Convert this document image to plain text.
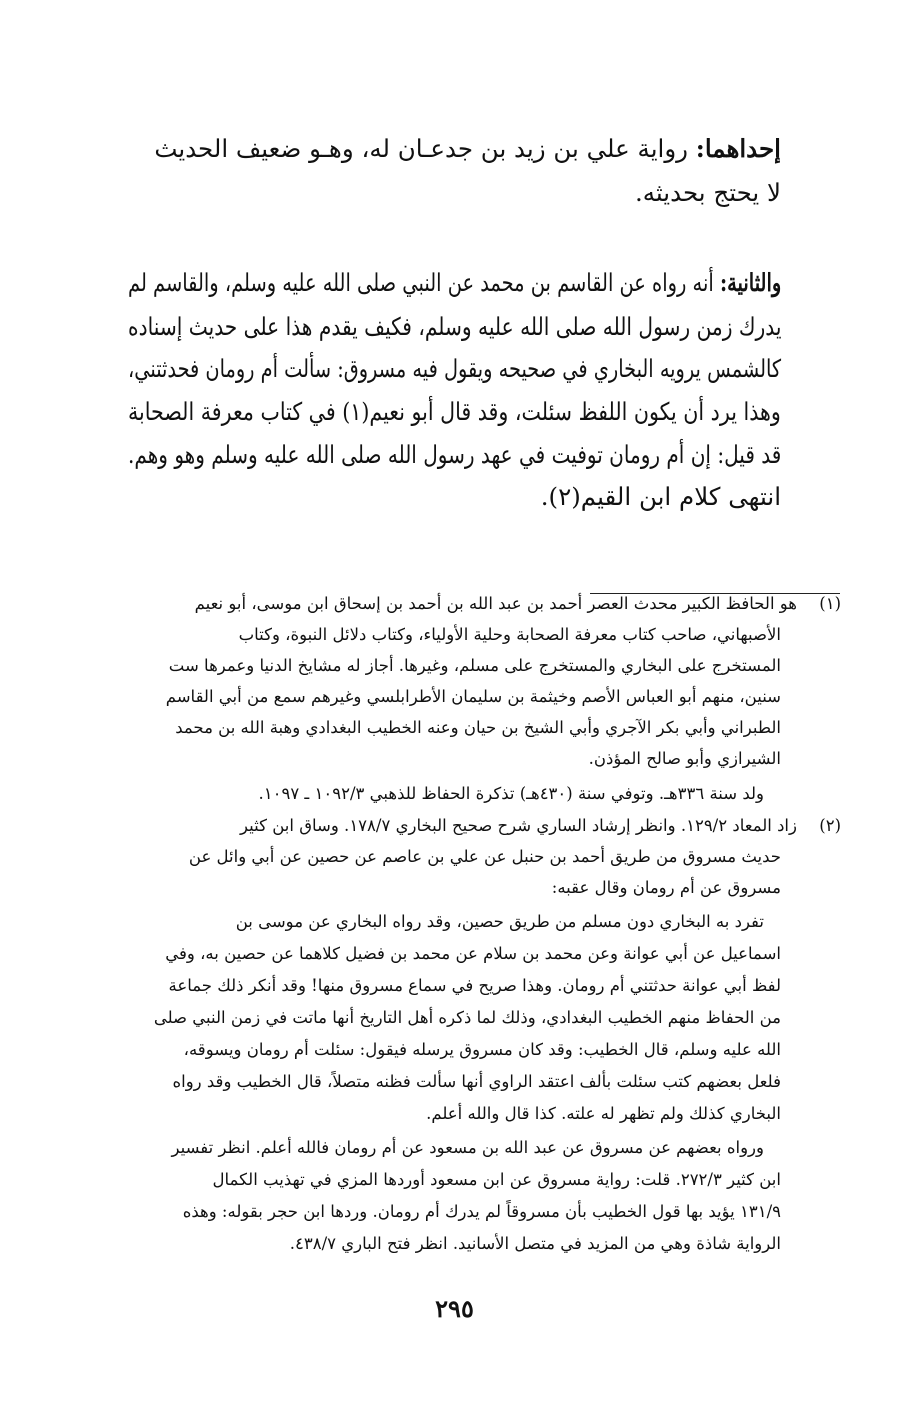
إحداهما: رواية علي بن زيد بن جدعـان له، وهـو ضعيف الحديث

لا يحتج بحديثه.

والثانية: أنه رواه عن القاسم بن محمد عن النبي صلى الله عليه وسلم، والقاسم لم

يدرك زمن رسول الله صلى الله عليه وسلم، فكيف يقدم هذا على حديث إسناده

كالشمس يرويه البخاري في صحيحه ويقول فيه مسروق: سألت أم رومان فحدثتني،

وهذا يرد أن يكون اللفظ سئلت، وقد قال أبو نعيم(١) في كتاب معرفة الصحابة

قد قيل: إن أم رومان توفيت في عهد رسول الله صلى الله عليه وسلم وهو وهم.

انتهى كلام ابن القيم(٢).

(١)

هو الحافظ الكبير محدث العصر أحمد بن عبد الله بن أحمد بن إسحاق ابن موسى، أبو نعيم

الأصبهاني، صاحب كتاب معرفة الصحابة وحلية الأولياء، وكتاب دلائل النبوة، وكتاب

المستخرج على البخاري والمستخرج على مسلم، وغيرها. أجاز له مشايخ الدنيا وعمرها ست

سنين، منهم أبو العباس الأصم وخيثمة بن سليمان الأطرابلسي وغيرهم سمع من أبي القاسم

الطبراني وأبي بكر الآجري وأبي الشيخ بن حيان وعنه الخطيب البغدادي وهبة الله بن محمد

الشيرازي وأبو صالح المؤذن.

ولد سنة ٣٣٦هـ. وتوفي سنة (٤٣٠هـ) تذكرة الحفاظ للذهبي ١٠٩٢/٣ ـ ١٠٩٧.

(٢)

زاد المعاد ١٢٩/٢. وانظر إرشاد الساري شرح صحيح البخاري ١٧٨/٧. وساق ابن كثير

حديث مسروق من طريق أحمد بن حنبل عن علي بن عاصم عن حصين عن أبي وائل عن

مسروق عن أم رومان وقال عقبه:

تفرد به البخاري دون مسلم من طريق حصين، وقد رواه البخاري عن موسى بن

اسماعيل عن أبي عوانة وعن محمد بن سلام عن محمد بن فضيل كلاهما عن حصين به، وفي

لفظ أبي عوانة حدثتني أم رومان. وهذا صريح في سماع مسروق منها! وقد أنكر ذلك جماعة

من الحفاظ منهم الخطيب البغدادي، وذلك لما ذكره أهل التاريخ أنها ماتت في زمن النبي صلى

الله عليه وسلم، قال الخطيب: وقد كان مسروق يرسله فيقول: سئلت أم رومان ويسوقه،

فلعل بعضهم كتب سئلت بألف اعتقد الراوي أنها سألت فظنه متصلاً، قال الخطيب وقد رواه

البخاري كذلك ولم تظهر له علته. كذا قال والله أعلم.

ورواه بعضهم عن مسروق عن عبد الله بن مسعود عن أم رومان فالله أعلم. انظر تفسير

ابن كثير ٢٧٢/٣. قلت: رواية مسروق عن ابن مسعود أوردها المزي في تهذيب الكمال

١٣١/٩ يؤيد بها قول الخطيب بأن مسروقاً لم يدرك أم رومان. وردها ابن حجر بقوله: وهذه

الرواية شاذة وهي من المزيد في متصل الأسانيد. انظر فتح الباري ٤٣٨/٧.

٢٩٥
